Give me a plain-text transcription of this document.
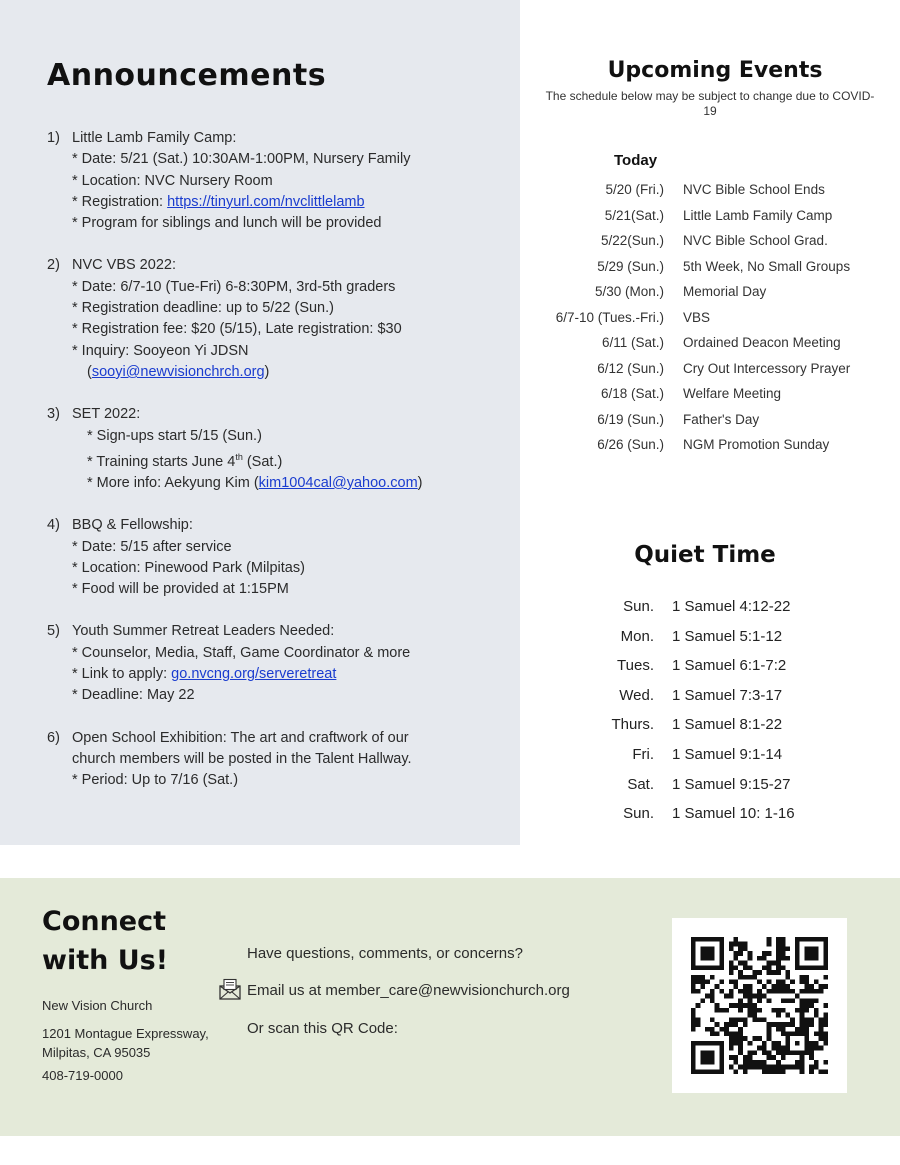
Announcements
1) Little Lamb Family Camp:
* Date: 5/21 (Sat.) 10:30AM-1:00PM, Nursery Family
* Location: NVC Nursery Room
* Registration: https://tinyurl.com/nvclittlelamb
* Program for siblings and lunch will be provided
2) NVC VBS 2022:
* Date: 6/7-10 (Tue-Fri) 6-8:30PM, 3rd-5th graders
* Registration deadline: up to 5/22 (Sun.)
* Registration fee: $20 (5/15), Late registration: $30
* Inquiry: Sooyeon Yi JDSN
(sooyi@newvisionchrch.org)
3) SET 2022:
* Sign-ups start 5/15 (Sun.)
* Training starts June 4th (Sat.)
* More info: Aekyung Kim (kim1004cal@yahoo.com)
4) BBQ & Fellowship:
* Date: 5/15 after service
* Location: Pinewood Park (Milpitas)
* Food will be provided at 1:15PM
5) Youth Summer Retreat Leaders Needed:
* Counselor, Media, Staff, Game Coordinator & more
* Link to apply: go.nvcng.org/serveretreat
* Deadline: May 22
6) Open School Exhibition: The art and craftwork of our
church members will be posted in the Talent Hallway.
* Period: Up to 7/16 (Sat.)
Upcoming Events
The schedule below may be subject to change due to COVID-19
Today
5/20 (Fri.) NVC Bible School Ends
5/21(Sat.) Little Lamb Family Camp
5/22(Sun.) NVC Bible School Grad.
5/29 (Sun.) 5th Week, No Small Groups
5/30 (Mon.) Memorial Day
6/7-10 (Tues.-Fri.) VBS
6/11 (Sat.) Ordained Deacon Meeting
6/12 (Sun.) Cry Out Intercessory Prayer
6/18 (Sat.) Welfare Meeting
6/19 (Sun.) Father's Day
6/26 (Sun.) NGM Promotion Sunday
Quiet Time
Sun. 1 Samuel 4:12-22
Mon. 1 Samuel 5:1-12
Tues. 1 Samuel 6:1-7:2
Wed. 1 Samuel 7:3-17
Thurs. 1 Samuel 8:1-22
Fri. 1 Samuel 9:1-14
Sat. 1 Samuel 9:15-27
Sun. 1 Samuel 10: 1-16
Connect
with Us!
New Vision Church
1201 Montague Expressway,
Milpitas, CA 95035
408-719-0000
Have questions, comments, or concerns?
Email us at member_care@newvisionchurch.org
Or scan this QR Code:
